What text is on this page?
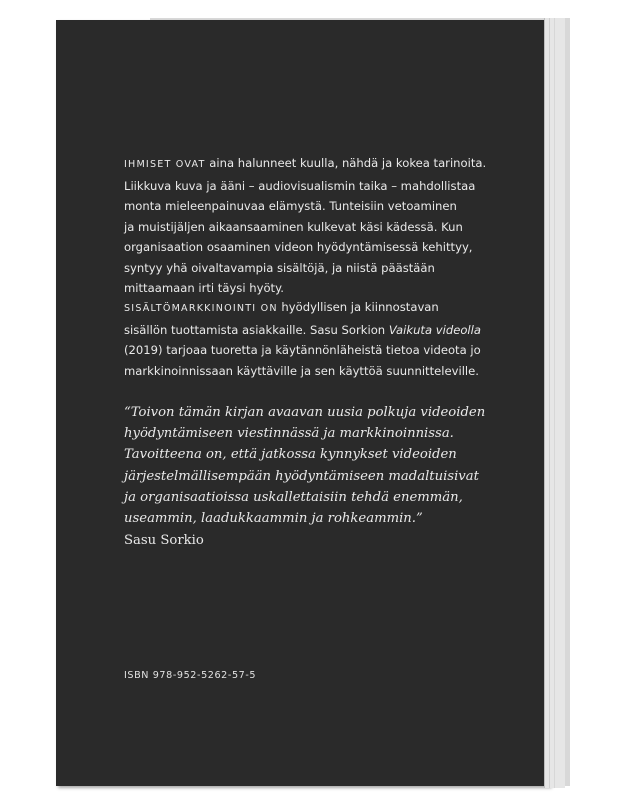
IHMISET OVAT aina halunneet kuulla, nähdä ja kokea tarinoita.
Liikkuva kuva ja ääni – audiovisualismin taika – mahdollistaa
monta mieleenpainuvaa elämystä. Tunteisiin vetoaminen
ja muistijäljen aikaansaaminen kulkevat käsi kädessä. Kun
organisaation osaaminen videon hyödyntämisessä kehittyy,
syntyy yhä oivaltavampia sisältöjä, ja niistä päästään
mittaamaan irti täysi hyöty.

SISÄLTÖMARKKINOINTI ON hyödyllisen ja kiinnostavan
sisällön tuottamista asiakkaille. Sasu Sorkion Vaikuta videolla
(2019) tarjoaa tuoretta ja käytännönläheistä tietoa videota jo
markkinoinnissaan käyttäville ja sen käyttöä suunnitteleville.

“Toivon tämän kirjan avaavan uusia polkuja videoiden
hyödyntämiseen viestinnässä ja markkinoinnissa.
Tavoitteena on, että jatkossa kynnykset videoiden
järjestelmällisempään hyödyntämiseen madaltuisivat
ja organisaatioissa uskallettaisiin tehdä enemmän,
useammin, laadukkaammin ja rohkeammin.”

Sasu Sorkio

ISBN 978-952-5262-57-5
